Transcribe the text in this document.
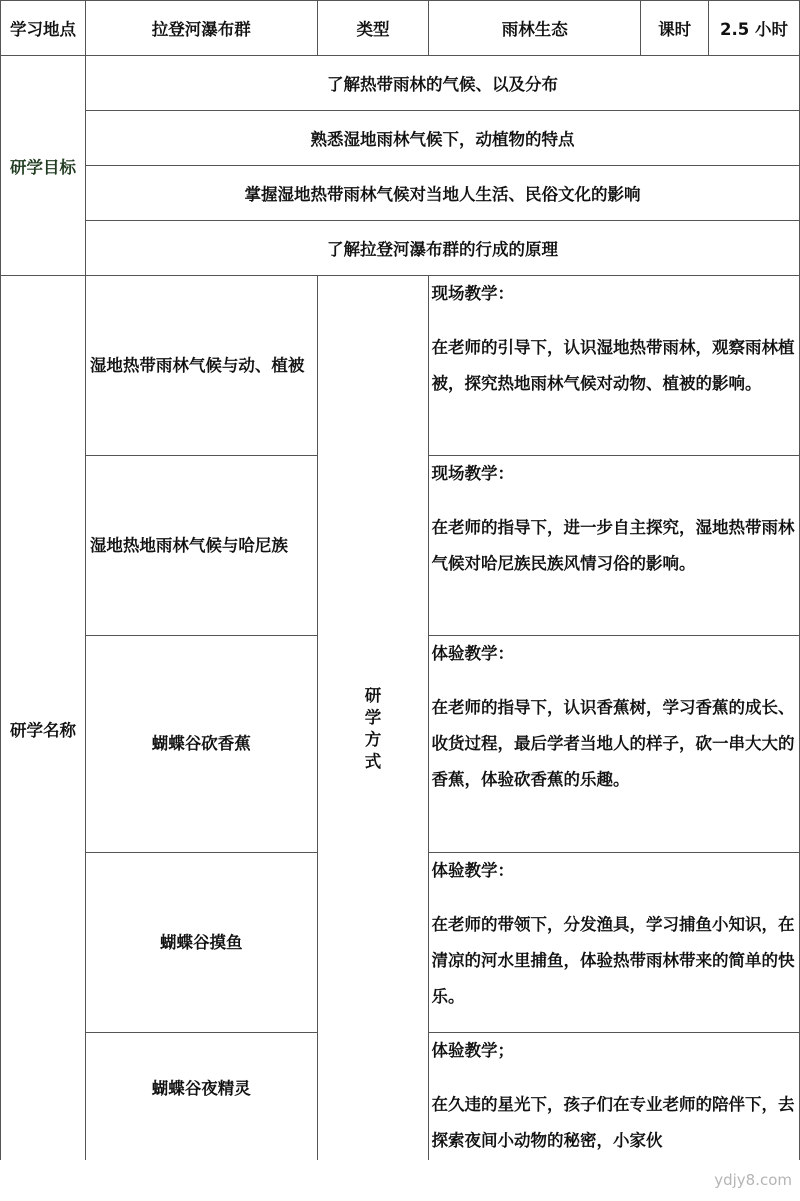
学习地点	拉登河瀑布群	类型	雨林生态	课时	2.5 小时
研学目标	了解热带雨林的气候、以及分布				
	熟悉湿地雨林气候下，动植物的特点				
	掌握湿地热带雨林气候对当地人生活、民俗文化的影响				
	了解拉登河瀑布群的行成的原理				
研学名称	湿地热带雨林气候与动、植被	研学方式	现场教学：
在老师的引导下，认识湿地热带雨林，观察雨林植被，探究热地雨林气候对动物、植被的影响。		

	湿地热地雨林气候与哈尼族		现场教学：
在老师的指导下，进一步自主探究，湿地热带雨林气候对哈尼族民族风情习俗的影响。		

	蝴蝶谷砍香蕉		体验教学：
在老师的指导下，认识香蕉树，学习香蕉的成长、收货过程，最后学者当地人的样子，砍一串大大的香蕉，体验砍香蕉的乐趣。		

	蝴蝶谷摸鱼		体验教学：
在老师的带领下，分发渔具，学习捕鱼小知识，在清凉的河水里捕鱼，体验热带雨林带来的简单的快乐。		

	蝴蝶谷夜精灵		体验教学；
在久违的星光下，孩子们在专业老师的陪伴下，去探索夜间小动物的秘密，小家伙		
ydjy8.com
